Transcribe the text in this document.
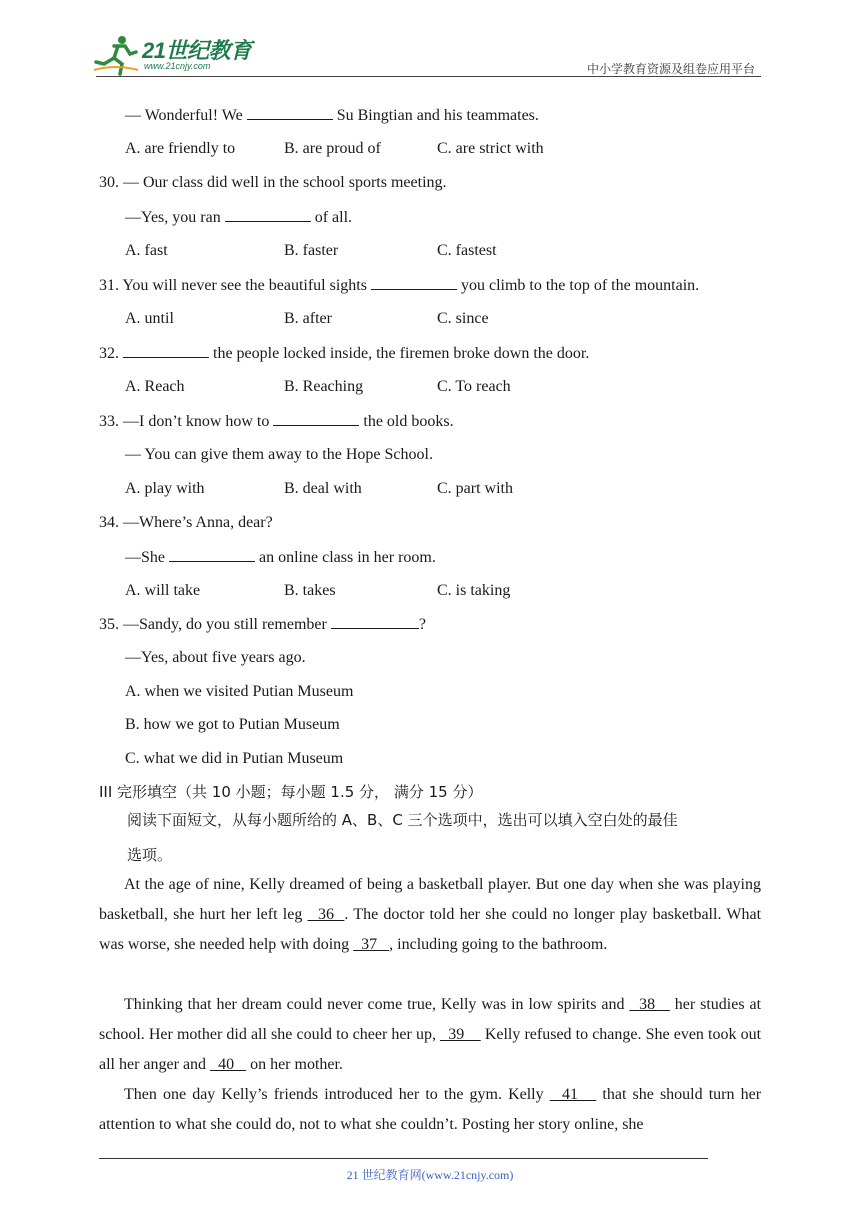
21世纪教育
www.21cnjy.com	中小学教育资源及组卷应用平台
— Wonderful! We	Su Bingtian and his teammates.
A. are friendly to	B. are proud of	C. are strict with
30. — Our class did well in the school sports meeting.
—Yes, you ran	of all.
A. fast	B. faster	C. fastest
31. You will never see the beautiful sights	you climb to the top of the mountain.
A. until	B. after	C. since
32.	the people locked inside, the firemen broke down the door.
A. Reach	B. Reaching	C. To reach
33. —I don’t know how to	the old books.
— You can give them away to the Hope School.
A. play with	B. deal with	C. part with
34. —Where’s Anna, dear?
—She	an online class in her room.
A. will take	B. takes	C. is taking
35. —Sandy, do you still remember	?
—Yes, about five years ago.
A. when we visited Putian Museum
B. how we got to Putian Museum
C. what we did in Putian Museum
III 完形填空（共 10 小题；每小题 1.5 分， 满分 15 分）
阅读下面短文，从每小题所给的 A、B、C 三个选项中，选出可以填入空白处的最佳
选项。
At the age of nine, Kelly dreamed of being a basketball player. But one day when she was playing basketball, she hurt her left leg   36  . The doctor told her she could no longer play basketball. What was worse, she needed help with doing   37   , including going to the bathroom.
Thinking that her dream could never come true, Kelly was in low spirits and   38    her studies at school. Her mother did all she could to cheer her up,   39     Kelly refused to change. She even took out all her anger and   40    on her mother.
Then one day Kelly’s friends introduced her to the gym. Kelly   41    that she should turn her attention to what she could do, not to what she couldn’t. Posting her story online, she
21 世纪教育网(www.21cnjy.com)
